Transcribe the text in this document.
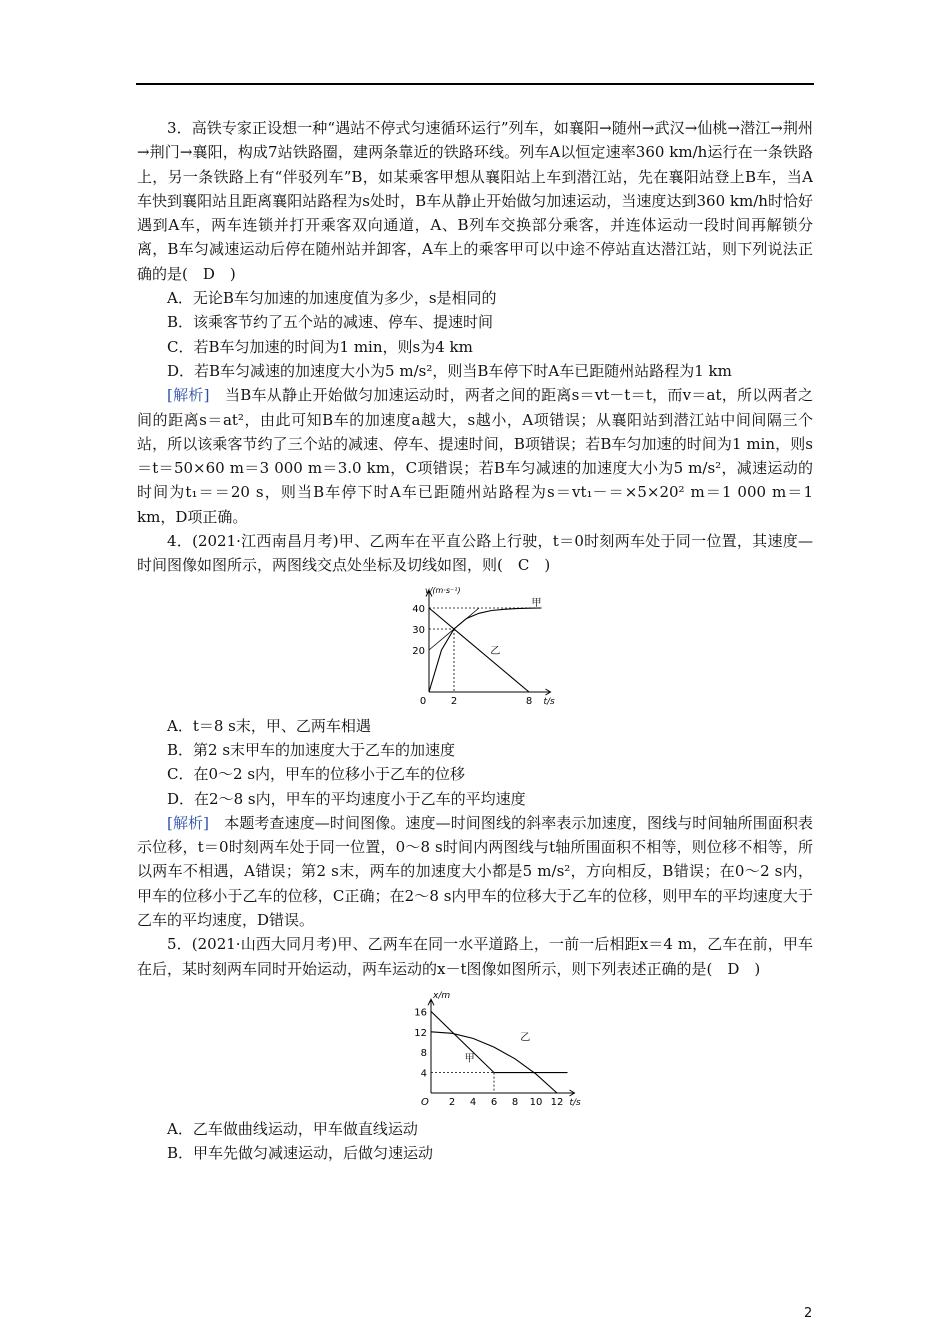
3．高铁专家正设想一种“遇站不停式匀速循环运行”列车，如襄阳→随州→武汉→仙桃→潜江→荆州→荆门→襄阳，构成7站铁路圈，建两条靠近的铁路环线。列车A以恒定速率360 km/h运行在一条铁路上，另一条铁路上有“伴驳列车”B，如某乘客甲想从襄阳站上车到潜江站，先在襄阳站登上B车，当A车快到襄阳站且距离襄阳站路程为s处时，B车从静止开始做匀加速运动，当速度达到360 km/h时恰好遇到A车，两车连锁并打开乘客双向通道，A、B列车交换部分乘客，并连体运动一段时间再解锁分离，B车匀减速运动后停在随州站并卸客，A车上的乘客甲可以中途不停站直达潜江站，则下列说法正确的是(　D　)

A．无论B车匀加速的加速度值为多少，s是相同的

B．该乘客节约了五个站的减速、停车、提速时间

C．若B车匀加速的时间为1 min，则s为4 km

D．若B车匀减速的加速度大小为5 m/s²，则当B车停下时A车已距随州站路程为1 km

[解析]　当B车从静止开始做匀加速运动时，两者之间的距离s＝vt－t＝t，而v＝at，所以两者之间的距离s＝at²，由此可知B车的加速度a越大，s越小，A项错误；从襄阳站到潜江站中间间隔三个站，所以该乘客节约了三个站的减速、停车、提速时间，B项错误；若B车匀加速的时间为1 min，则s＝t＝50×60 m＝3 000 m＝3.0 km，C项错误；若B车匀减速的加速度大小为5 m/s²，减速运动的时间为t₁＝＝20 s，则当B车停下时A车已距随州站路程为s＝vt₁－＝×5×20² m＝1 000 m＝1 km，D项正确。

4．(2021·江西南昌月考)甲、乙两车在平直公路上行驶，t＝0时刻两车处于同一位置，其速度—时间图像如图所示，两图线交点处坐标及切线如图，则(　C　)

20
30
40
0 2	8 t/s
v/(m·s⁻¹)
甲
乙

A．t＝8 s末，甲、乙两车相遇

B．第2 s末甲车的加速度大于乙车的加速度

C．在0～2 s内，甲车的位移小于乙车的位移

D．在2～8 s内，甲车的平均速度小于乙车的平均速度

[解析]　本题考查速度—时间图像。速度—时间图线的斜率表示加速度，图线与时间轴所围面积表示位移，t＝0时刻两车处于同一位置，0～8 s时间内两图线与t轴所围面积不相等，则位移不相等，所以两车不相遇，A错误；第2 s末，两车的加速度大小都是5 m/s²，方向相反，B错误；在0～2 s内，甲车的位移小于乙车的位移，C正确；在2～8 s内甲车的位移大于乙车的位移，则甲车的平均速度大于乙车的平均速度，D错误。

5．(2021·山西大同月考)甲、乙两车在同一水平道路上，一前一后相距x＝4 m，乙车在前，甲车在后，某时刻两车同时开始运动，两车运动的x－t图像如图所示，则下列表述正确的是(　D　)

4
8
12
16
2 4 6 8 10 12
O	t/s
x/m
甲
乙

A．乙车做曲线运动，甲车做直线运动

B．甲车先做匀减速运动，后做匀速运动

2
